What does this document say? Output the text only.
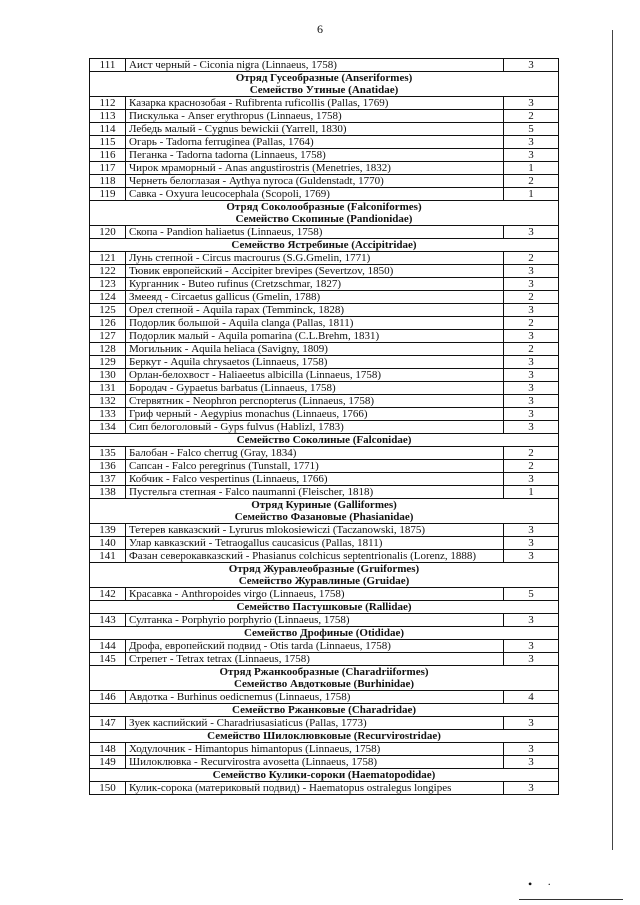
6
111	Аист черный - Ciconia nigra (Linnaeus, 1758)	3

Отряд Гусеобразные (Anseriformes)
Семейство Утиные (Anatidae)		

112	Казарка краснозобая - Rufibrenta ruficollis (Pallas, 1769)	3
113	Пискулька - Anser erythropus (Linnaeus, 1758)	2
114	Лебедь малый - Cygnus bewickii (Yarrell, 1830)	5
115	Огарь - Tadorna ferruginea (Pallas, 1764)	3
116	Пеганка - Tadorna tadorna (Linnaeus, 1758)	3
117	Чирок мраморный - Anas angustirostris (Menetries, 1832)	1
118	Чернеть белоглазая - Aythya nyroca (Guldenstadt, 1770)	2
119	Савка - Oxyura leucocephala (Scopoli, 1769)	1

Отряд Соколообразные (Falconiformes)
Семейство Скопиные (Pandionidae)		

120	Скопа - Pandion haliaetus (Linnaeus, 1758)	3

Семейство Ястребиные (Accipitridae)		

121	Лунь степной - Circus macrourus (S.G.Gmelin, 1771)	2
122	Тювик европейский - Accipiter brevipes (Severtzov, 1850)	3
123	Курганник - Buteo rufinus (Cretzschmar, 1827)	3
124	Змееяд - Circaetus gallicus (Gmelin, 1788)	2
125	Орел степной - Aquila rapax (Temminck, 1828)	3
126	Подорлик большой - Aquila clanga (Pallas, 1811)	2
127	Подорлик малый - Aquila pomarina (C.L.Brehm, 1831)	3
128	Могильник - Aquila heliaca (Savigny, 1809)	2
129	Беркут - Aquila chrysaetos (Linnaeus, 1758)	3
130	Орлан-белохвост - Haliaeetus albicilla (Linnaeus, 1758)	3
131	Бородач - Gypaetus barbatus (Linnaeus, 1758)	3
132	Стервятник - Neophron percnopterus (Linnaeus, 1758)	3
133	Гриф черный - Aegypius monachus (Linnaeus, 1766)	3
134	Сип белоголовый - Gyps fulvus (Hablizl, 1783)	3

Семейство Соколиные (Falconidae)		

135	Балобан - Falco cherrug (Gray, 1834)	2
136	Сапсан - Falco peregrinus (Tunstall, 1771)	2
137	Кобчик - Falco vespertinus (Linnaeus, 1766)	3
138	Пустельга степная - Falco naumanni (Fleischer, 1818)	1

Отряд Куриные (Galliformes)
Семейство Фазановые (Phasianidae)		

139	Тетерев кавказский - Lyrurus mlokosiewiczi (Taczanowski, 1875)	3
140	Улар кавказский - Tetraogallus caucasicus (Pallas, 1811)	3
141	Фазан северокавказский - Phasianus colchicus septentrionalis (Lorenz, 1888)	3

Отряд Журавлеобразные (Gruiformes)
Семейство Журавлиные (Gruidae)		

142	Красавка - Anthropoides virgo (Linnaeus, 1758)	5

Семейство Пастушковые (Rallidae)		

143	Султанка - Porphyrio porphyrio (Linnaeus, 1758)	3

Семейство Дрофиные (Otididae)		

144	Дрофа, европейский подвид - Otis tarda (Linnaeus, 1758)	3
145	Стрепет - Tetrax tetrax (Linnaeus, 1758)	3

Отряд Ржанкообразные (Charadriiformes)
Семейство Авдотковые (Burhinidae)		

146	Авдотка - Burhinus oedicnemus (Linnaeus, 1758)	4

Семейство Ржанковые (Charadridae)		

147	Зуек каспийский - Charadriusasiaticus (Pallas, 1773)	3

Семейство Шилоклювковые (Recurvirostridae)		

148	Ходулочник - Himantopus himantopus (Linnaeus, 1758)	3
149	Шилоклювка - Recurvirostra avosetta (Linnaeus, 1758)	3

Семейство Кулики-сороки (Haematopodidae)		

150	Кулик-сорока (материковый подвид) - Haematopus ostralegus longipes	3
• ·
